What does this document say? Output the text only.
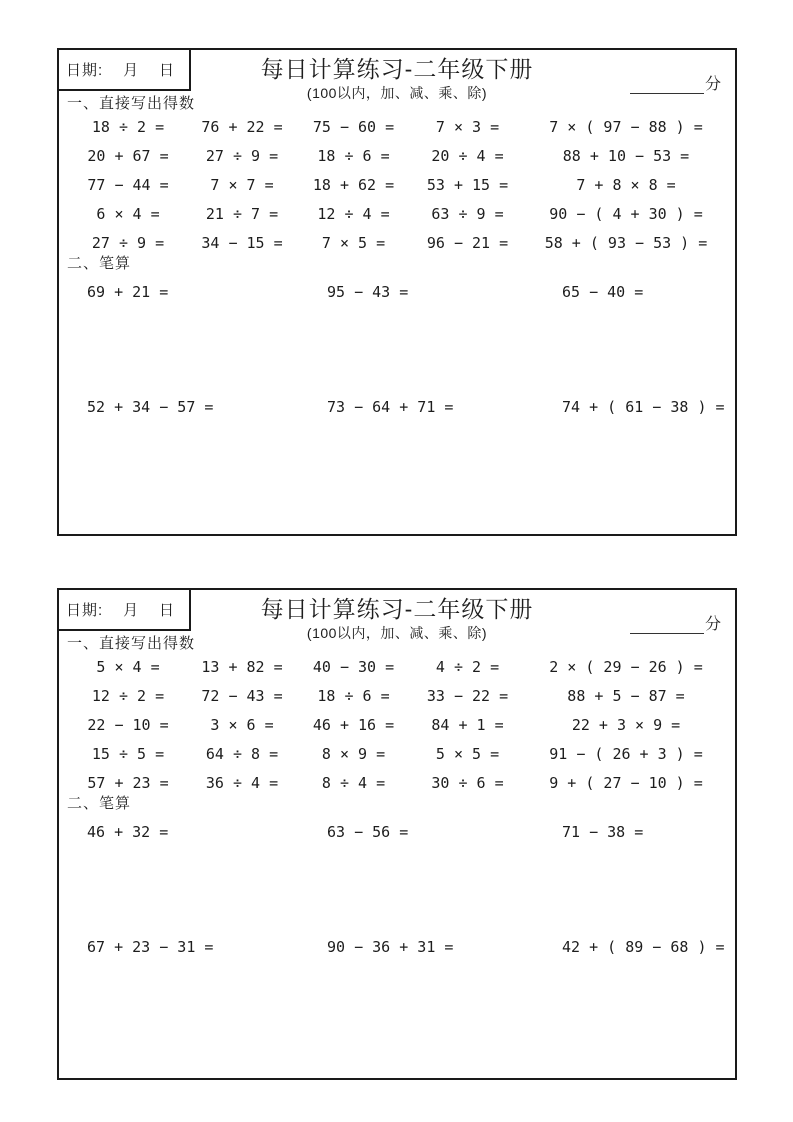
日期: 月 日	每日计算练习-二年级下册
(100以内，加、减、乘、除)	分
一、直接写出得数
18 ÷ 2 =	76 + 22 =	75 − 60 =	7 × 3 =	7 × ( 97 − 88 ) =
20 + 67 =	27 ÷ 9 =	18 ÷ 6 =	20 ÷ 4 =	88 + 10 − 53 =
77 − 44 =	7 × 7 =	18 + 62 =	53 + 15 =	7 + 8 × 8 =
6 × 4 =	21 ÷ 7 =	12 ÷ 4 =	63 ÷ 9 =	90 − ( 4 + 30 ) =
27 ÷ 9 =	34 − 15 =	7 × 5 =	96 − 21 =	58 + ( 93 − 53 ) =
二、笔算
69 + 21 =	95 − 43 =	65 − 40 =
52 + 34 − 57 =	73 − 64 + 71 =	74 + ( 61 − 38 ) =
日期: 月 日	每日计算练习-二年级下册
(100以内，加、减、乘、除)	分
一、直接写出得数
5 × 4 =	13 + 82 =	40 − 30 =	4 ÷ 2 =	2 × ( 29 − 26 ) =
12 ÷ 2 =	72 − 43 =	18 ÷ 6 =	33 − 22 =	88 + 5 − 87 =
22 − 10 =	3 × 6 =	46 + 16 =	84 + 1 =	22 + 3 × 9 =
15 ÷ 5 =	64 ÷ 8 =	8 × 9 =	5 × 5 =	91 − ( 26 + 3 ) =
57 + 23 =	36 ÷ 4 =	8 ÷ 4 =	30 ÷ 6 =	9 + ( 27 − 10 ) =
二、笔算
46 + 32 =	63 − 56 =	71 − 38 =
67 + 23 − 31 =	90 − 36 + 31 =	42 + ( 89 − 68 ) =
